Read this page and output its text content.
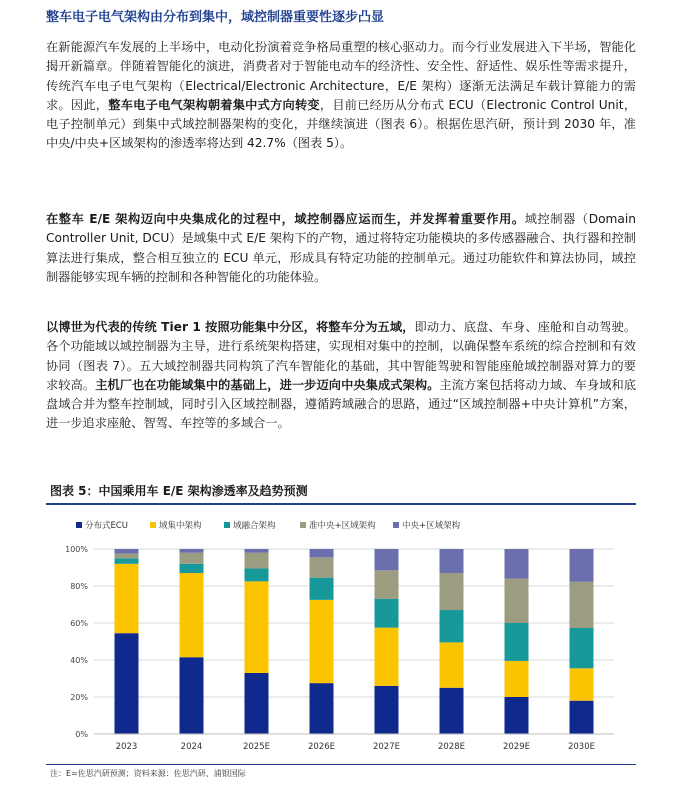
整车电子电气架构由分布到集中，域控制器重要性逐步凸显
在新能源汽车发展的上半场中，电动化扮演着竞争格局重塑的核心驱动力。而今行业发展进入下半场，智能化揭开新篇章。伴随着智能化的演进，消费者对于智能电动车的经济性、安全性、舒适性、娱乐性等需求提升，传统汽车电子电气架构（Electrical/Electronic Architecture，E/E 架构）逐渐无法满足车载计算能力的需求。因此，整车电子电气架构朝着集中式方向转变，目前已经历从分布式 ECU（Electronic Control Unit，电子控制单元）到集中式域控制器架构的变化，并继续演进（图表 6）。根据佐思汽研，预计到 2030 年，准中央/中央+区域架构的渗透率将达到 42.7%（图表 5）。
在整车 E/E 架构迈向中央集成化的过程中，域控制器应运而生，并发挥着重要作用。域控制器（Domain Controller Unit, DCU）是域集中式 E/E 架构下的产物，通过将特定功能模块的多传感器融合、执行器和控制算法进行集成，整合相互独立的 ECU 单元，形成具有特定功能的控制单元。通过功能软件和算法协同，域控制器能够实现车辆的控制和各种智能化的功能体验。
以博世为代表的传统 Tier 1 按照功能集中分区，将整车分为五域，即动力、底盘、车身、座舱和自动驾驶。各个功能域以域控制器为主导，进行系统架构搭建，实现相对集中的控制，以确保整车系统的综合控制和有效协同（图表 7）。五大域控制器共同构筑了汽车智能化的基础，其中智能驾驶和智能座舱域控制器对算力的要求较高。主机厂也在功能域集中的基础上，进一步迈向中央集成式架构。主流方案包括将动力域、车身域和底盘域合并为整车控制域，同时引入区域控制器，遵循跨域融合的思路，通过“区域控制器+中央计算机”方案，进一步追求座舱、智驾、车控等的多域合一。
图表 5：中国乘用车 E/E 架构渗透率及趋势预测
分布式ECU	域集中架构	域融合架构	准中央+区域架构	中央+区域架构
0%
20%
40%
60%
80%
100%
2023	2024	2025E	2026E	2027E	2028E	2029E	2030E
注：E=佐思汽研预测；资料来源：佐思汽研、浦银国际
